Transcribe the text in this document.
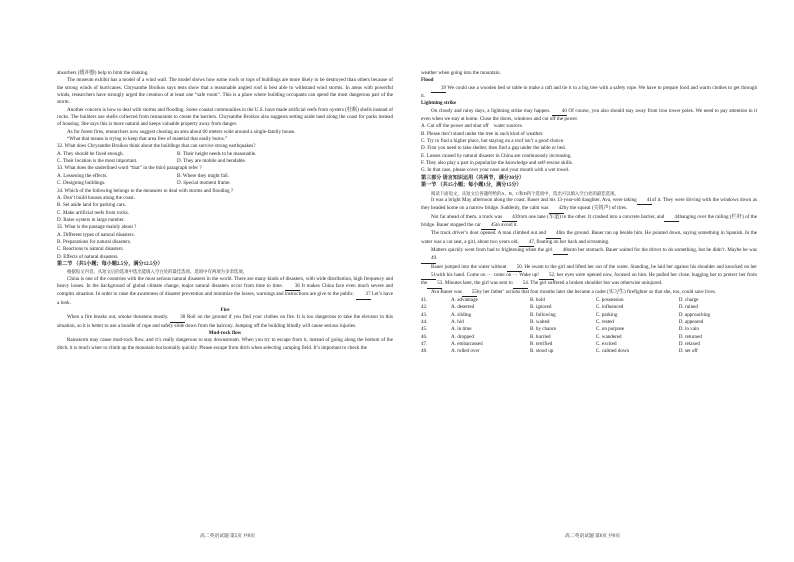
absorbers (缓冲器) help to limit the shaking.

The museum exhibit has a model of a wind wall. The model shows how some roofs or tops of buildings are more likely to be destroyed than others because of the strong winds of hurricanes. Chrysanthe Broikos says tests show that a reasonable angled roof is best able to withstand wind storms. In areas with powerful winds, researchers have strongly urged the creation of at least one “safe room”. This is a place where building occupants can spend the most dangerous part of the storm.

Another concern is how to deal with storms and flooding. Some coastal communities in the U.S. have made artificial reefs from oysters (牡蛎) shells instead of rocks. The builders use shells collected from restaurants to create the barriers. Chrysanthe Broikos also suggests setting aside land along the coast for parks instead of housing. She says this is more natural and keeps valuable property away from danger.

As for forest fires, researchers now suggest clearing an area about 60 meters wide around a single-family house.

“What that means is trying to keep that area free of material that easily burns.”

32. What does Chrysanthe Broikos think about the buildings that can survive strong earthquakes?

A. They should be fixed enough.	B. Their height needs to be reasonable.
C. Their location is the most important.	D. They are mobile and bendable.

33. What does the underlined word “that” in the third paragraph refer ?

A. Lessening the effects.	B. Where they might fail.
C. Designing buildings.	D. Special moment frame.

34. Which of the following belongs to the measures to deal with storms and flooding ?

A. Don’t build houses along the coast.

B. Set aside land for parking cars.

C. Make artificial reefs from rocks.

D. Raise oysters in large number.

35. What is the passage mainly about ?

A. Different types of natural disasters.

B. Preparations for natural disasters.

C. Reactions to natural disasters.

D. Effects of natural disasters.

第二节 （共5小题；每小题2.5分，满分12.5分）

根据短文内容，从短文后的选项中选出能填入空白处的最佳选项。选项中有两项为多余选项。

China is one of the countries with the most serious natural disasters in the world. There are many kinds of disasters, with wide distribution, high frequency and heavy losses. In the background of global climate change, major natural disasters occur from time to time. 36 It makes China face even much severe and complex situation. In order to raise the awareness of disaster prevention and minimize the losses, warnings and instructions are give to the public. 37 Let’s have a look.

Fire

When a fire breaks out, smoke threatens mostly. 38 Roll on the ground if you find your clothes on fire. It is too dangerous to take the elevator in this situation, so it is better to use a bundle of rope and safely slide down from the balcony. Jumping off the building blindly will cause serious injuries.

Mud-rock flow

Rainstorm may cause mud-rock flow, and it’s really dangerous to stay downstream. When you try to escape from it, instead of going along the bottom of the ditch, it is much wiser to climb up the mountain horizontally quickly. Please escape from ditch when selecting camping field. It’s important to check the

weather when going into the mountain.

Flood

39 We could use a wooden bed or table to make a raft and tie it to a big tree with a safety rope. We have to prepare food and warm clothes to get through it.

Lightning strike

On cloudy and rainy days, a lightning strike may happen. 40 Of course, you also should stay away from iron tower poles. We need to pay attention to it even when we stay at home. Close the doors, windows and cut off the power.

A. Cut off the power and shut off　water sources.

B. Please don’t stand under the tree in such kind of weather.

C. Try to find a higher place, but staying on a roof isn’t a good choice.

D. First you need to take shelter, then find a gap under the table or bed.

E. Losses caused by natural disaster in China are continuously increasing.

F. They also play a part in popularize the knowledge and self-rescue skills.

G. In that case, please cover your nose and your mouth with a wet towel.

第三部分 语言知识运用（共两节，满分30分）

第一节 （共15小题；每小题1分，满分15分）

阅读下面短文，从短文后各题所给的A、B、C和D四个选项中，选出可以填入空白处的最佳选项。

It was a bright May afternoon along the coast. Bauer and his 13-year-old daughter, Ava, were taking 41of it. They were driving with the windows down as they headed home on a narrow bridge. Suddenly, the calm was 42by the squeal (尖锐声) of tires.

Not far ahead of them, a truck was 43from one lane (车道) to the other. It crashed into a concrete barrier, and 44hanging over the railing (栏杆) of the bridge. Bauer stopped the car 45to avoid it.

The truck driver’s door opened. A man climbed out and 46to the ground. Bauer ran up beside him. He pointed down, saying something in Spanish. In the water was a car seat, a girl, about two years old, 47, floating on her back and screaming.

Matters quickly went from bad to frightening when the girl 48onto her stomach. Bauer waited for the driver to do something, but he didn’t. Maybe he was49.

Bauer jumped into the water without 50. He swam to the girl and lifted her out of the water. Standing, he laid her against his shoulder and knocked on her51with his hand. Come on ··· come on ··· Wake up! 52, her eyes were opened now, focused on him. He pulled her close, hugging her to protect her from the 53. Minutes later, the girl was sent to 54. The girl suffered a broken shoulder but was otherwise uninjured.

Ava Bauer was 55by her father’ actions that four months later she became a cadet (实习生) firefighter so that she, too, could save lives.

41.	A. advantage	B. hold	C. possession	D. charge
42.	A. deserted	B. ignored	C. influenced	D. ruined
43.	A. sliding	B. following	C. parking	D. approaching
44.	A. hid	B. waited	C. rested	D. appeared
45.	A. in time	B. by chance	C. on purpose	D. in vain
46.	A. dropped	B. hurried	C. wandered	D. returned
47.	A. embarrassed	B. terrified	C. excited	D. relaxed
48.	A. rolled over	B. stood up	C. calmed down	D. set off
高二英语试题 第5页 共8页	高二英语试题 第6页 共8页
